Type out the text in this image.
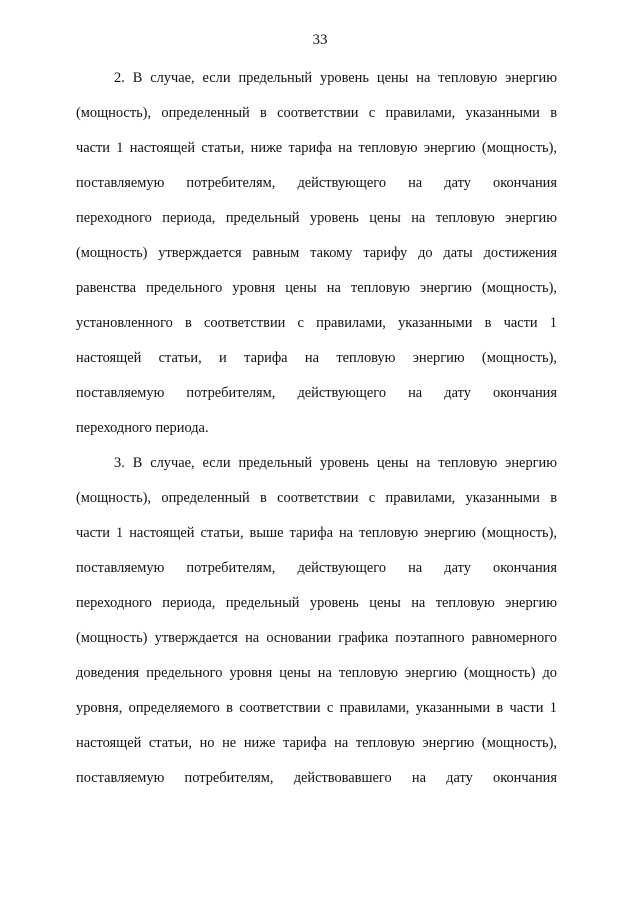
33
2. В случае, если предельный уровень цены на тепловую энергию
(мощность), определенный в соответствии с правилами, указанными в
части 1 настоящей статьи, ниже тарифа на тепловую энергию (мощность),
поставляемую потребителям, действующего на дату окончания
переходного периода, предельный уровень цены на тепловую энергию
(мощность) утверждается равным такому тарифу до даты достижения
равенства предельного уровня цены на тепловую энергию (мощность),
установленного в соответствии с правилами, указанными в части 1
настоящей статьи, и тарифа на тепловую энергию (мощность),
поставляемую потребителям, действующего на дату окончания
переходного периода.
3. В случае, если предельный уровень цены на тепловую энергию
(мощность), определенный в соответствии с правилами, указанными в
части 1 настоящей статьи, выше тарифа на тепловую энергию (мощность),
поставляемую потребителям, действующего на дату окончания
переходного периода, предельный уровень цены на тепловую энергию
(мощность) утверждается на основании графика поэтапного равномерного
доведения предельного уровня цены на тепловую энергию (мощность) до
уровня, определяемого в соответствии с правилами, указанными в части 1
настоящей статьи, но не ниже тарифа на тепловую энергию (мощность),
поставляемую потребителям, действовавшего на дату окончания
